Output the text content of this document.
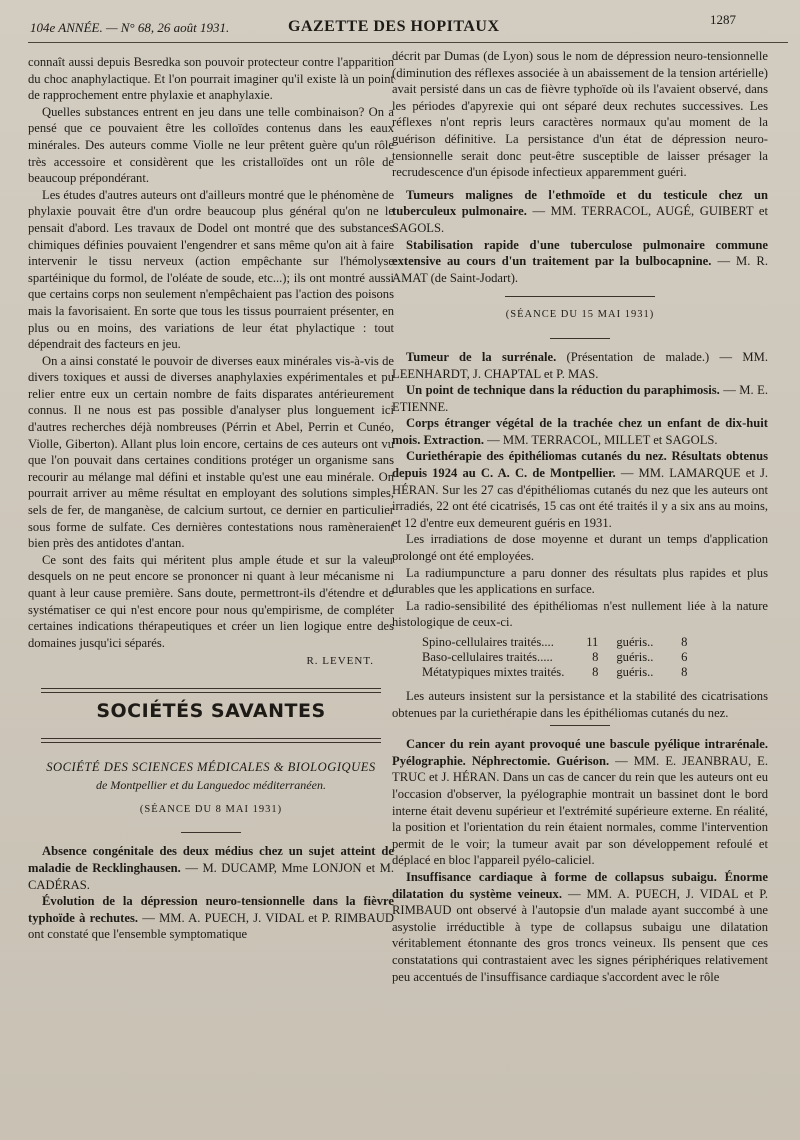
104e ANNÉE. — N° 68, 26 août 1931.	GAZETTE DES HOPITAUX	1287

connaît aussi depuis Besredka son pouvoir protecteur contre l'apparition du choc anaphylactique. Et l'on pourrait imaginer qu'il existe là un point de rapprochement entre phylaxie et anaphylaxie.

Quelles substances entrent en jeu dans une telle combinaison? On a pensé que ce pouvaient être les colloïdes contenus dans les eaux minérales. Des auteurs comme Violle ne leur prêtent guère qu'un rôle très accessoire et considèrent que les cristalloïdes ont un rôle de beaucoup prépondérant.

Les études d'autres auteurs ont d'ailleurs montré que le phénomène de phylaxie pouvait être d'un ordre beaucoup plus général qu'on ne le pensait d'abord. Les travaux de Dodel ont montré que des substances chimiques définies pouvaient l'engendrer et sans même qu'on ait à faire intervenir le tissu nerveux (action empêchante sur l'hémolyse spartéinique du formol, de l'oléate de soude, etc...); ils ont montré aussi que certains corps non seulement n'empêchaient pas l'action des poisons mais la favorisaient. En sorte que tous les tissus pourraient présenter, en plus ou en moins, des variations de leur état phylactique : tout dépendrait des facteurs en jeu.

On a ainsi constaté le pouvoir de diverses eaux minérales vis-à-vis de divers toxiques et aussi de diverses anaphylaxies expérimentales et pu relier entre eux un certain nombre de faits disparates antérieurement connus. Il ne nous est pas possible d'analyser plus longuement ici d'autres recherches déjà nombreuses (Pérrin et Abel, Perrin et Cunéo, Violle, Giberton). Allant plus loin encore, certains de ces auteurs ont vu que l'on pouvait dans certaines conditions protéger un organisme sans recourir au mélange mal défini et instable qu'est une eau minérale. On pourrait arriver au même résultat en employant des solutions simples, sels de fer, de manganèse, de calcium surtout, ce dernier en particulier sous forme de sulfate. Ces dernières contestations nous ramèneraient bien près des antidotes d'antan.

Ce sont des faits qui méritent plus ample étude et sur la valeur desquels on ne peut encore se prononcer ni quant à leur mécanisme ni quant à leur cause première. Sans doute, permettront-ils d'étendre et de systématiser ce qui n'est encore pour nous qu'empirisme, de compléter certaines indications thérapeutiques et créer un lien logique entre des domaines jusqu'ici séparés.

R. LEVENT.
SOCIÉTÉS SAVANTES
SOCIÉTÉ DES SCIENCES MÉDICALES & BIOLOGIQUES
de Montpellier et du Languedoc méditerranéen.
(SÉANCE DU 8 MAI 1931)

Absence congénitale des deux médius chez un sujet atteint de maladie de Recklinghausen. — M. DUCAMP, Mme LONJON et M. CADÉRAS.

Évolution de la dépression neuro-tensionnelle dans la fièvre typhoïde à rechutes. — MM. A. PUECH, J. VIDAL et P. RIMBAUD ont constaté que l'ensemble symptomatique

décrit par Dumas (de Lyon) sous le nom de dépression neuro-tensionnelle (diminution des réflexes associée à un abaissement de la tension artérielle) avait persisté dans un cas de fièvre typhoïde où ils l'avaient observé, dans les périodes d'apyrexie qui ont séparé deux rechutes successives. Les réflexes n'ont repris leurs caractères normaux qu'au moment de la guérison définitive. La persistance d'un état de dépression neuro-tensionnelle serait donc peut-être susceptible de laisser présager la recrudescence d'un épisode infectieux apparemment guéri.

Tumeurs malignes de l'ethmoïde et du testicule chez un tuberculeux pulmonaire. — MM. TERRACOL, AUGÉ, GUIBERT et SAGOLS.

Stabilisation rapide d'une tuberculose pulmonaire commune extensive au cours d'un traitement par la bulbocapnine. — M. R. AMAT (de Saint-Jodart).

(SÉANCE DU 15 MAI 1931)

Tumeur de la surrénale. (Présentation de malade.) — MM. LEENHARDT, J. CHAPTAL et P. MAS.

Un point de technique dans la réduction du paraphimosis. — M. E. ETIENNE.

Corps étranger végétal de la trachée chez un enfant de dix-huit mois. Extraction. — MM. TERRACOL, MILLET et SAGOLS.

Curiethérapie des épithéliomas cutanés du nez. Résultats obtenus depuis 1924 au C. A. C. de Montpellier. — MM. LAMARQUE et J. HÉRAN. Sur les 27 cas d'épithéliomas cutanés du nez que les auteurs ont irradiés, 22 ont été cicatrisés, 15 cas ont été traités il y a six ans au moins, et 12 d'entre eux demeurent guéris en 1931.

Les irradiations de dose moyenne et durant un temps d'application prolongé ont été employées.

La radiumpuncture a paru donner des résultats plus rapides et plus durables que les applications en surface.

La radio-sensibilité des épithéliomas n'est nullement liée à la nature histologique de ceux-ci.

Spino-cellulaires traités....	11	guéris..	8
Baso-cellulaires traités.....	8	guéris..	6
Métatypiques mixtes traités.	8	guéris..	8

Les auteurs insistent sur la persistance et la stabilité des cicatrisations obtenues par la curiethérapie dans les épithéliomas cutanés du nez.

Cancer du rein ayant provoqué une bascule pyélique intrarénale. Pyélographie. Néphrectomie. Guérison. — MM. E. JEANBRAU, E. TRUC et J. HÉRAN. Dans un cas de cancer du rein que les auteurs ont eu l'occasion d'observer, la pyélographie montrait un bassinet dont le bord interne était devenu supérieur et l'extrémité supérieure externe. En réalité, la position et l'orientation du rein étaient normales, comme l'intervention permit de le voir; la tumeur avait par son développement refoulé et déplacé en bloc l'appareil pyélo-caliciel.

Insuffisance cardiaque à forme de collapsus subaigu. Énorme dilatation du système veineux. — MM. A. PUECH, J. VIDAL et P. RIMBAUD ont observé à l'autopsie d'un malade ayant succombé à une asystolie irréductible à type de collapsus subaigu une dilatation véritablement étonnante des gros troncs veineux. Ils pensent que ces constatations qui contrastaient avec les signes périphériques relativement peu accentués de l'insuffisance cardiaque s'accordent avec le rôle
